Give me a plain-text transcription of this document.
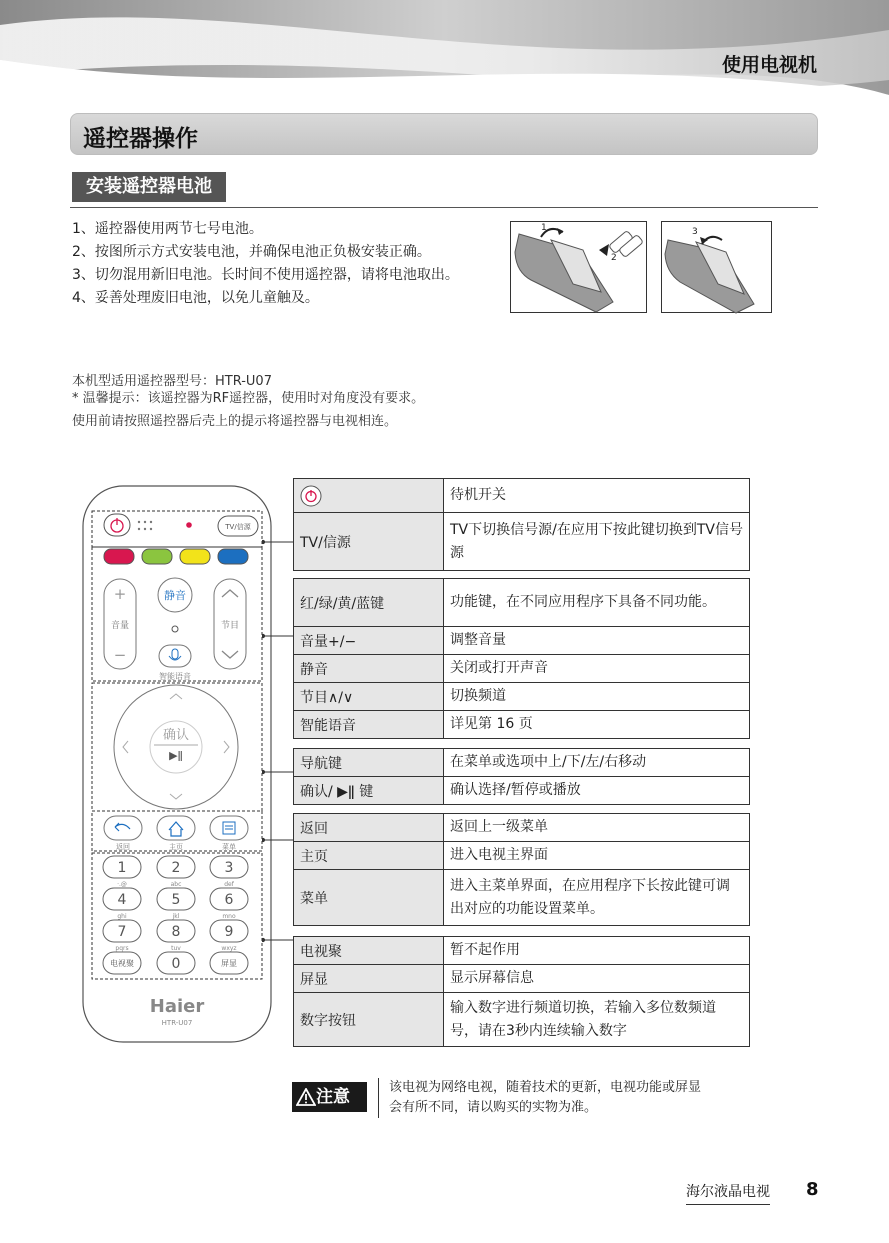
使用电视机
遥控器操作
安装遥控器电池
1、遥控器使用两节七号电池。
2、按图所示方式安装电池，并确保电池正负极安装正确。
3、切勿混用新旧电池。长时间不使用遥控器，请将电池取出。
4、妥善处理废旧电池，以免儿童触及。
1
2
3
本机型适用遥控器型号：HTR-U07
* 温馨提示：该遥控器为RF遥控器，使用时对角度没有要求。
使用前请按照遥控器后壳上的提示将遥控器与电视相连。
TV/信源
+
音量
−
节目
静音
智能语音
确认
▶ǁ
返回	主页	菜单
1
·.@
2
abc
3
def
4
ghi
5
jkl
6
mno
7
pqrs
8
tuv
9
wxyz
电视聚	0	屏显
Haier
HTR-U07
	待机开关
TV/信源	TV下切换信号源/在应用下按此键切换到TV信号源
红/绿/黄/蓝键	功能键，在不同应用程序下具备不同功能。
音量+/−	调整音量
静音	关闭或打开声音
节目∧/∨	切换频道
智能语音	详见第 16 页
导航键	在菜单或选项中上/下/左/右移动
确认/ ▶ǁ 键	确认选择/暂停或播放
返回	返回上一级菜单
主页	进入电视主界面
菜单	进入主菜单界面，在应用程序下长按此键可调出对应的功能设置菜单。
电视聚	暂不起作用
屏显	显示屏幕信息
数字按钮	输入数字进行频道切换，若输入多位数频道号，请在3秒内连续输入数字
注意	该电视为网络电视，随着技术的更新，电视功能或屏显
会有所不同，请以购买的实物为准。
海尔液晶电视 8
